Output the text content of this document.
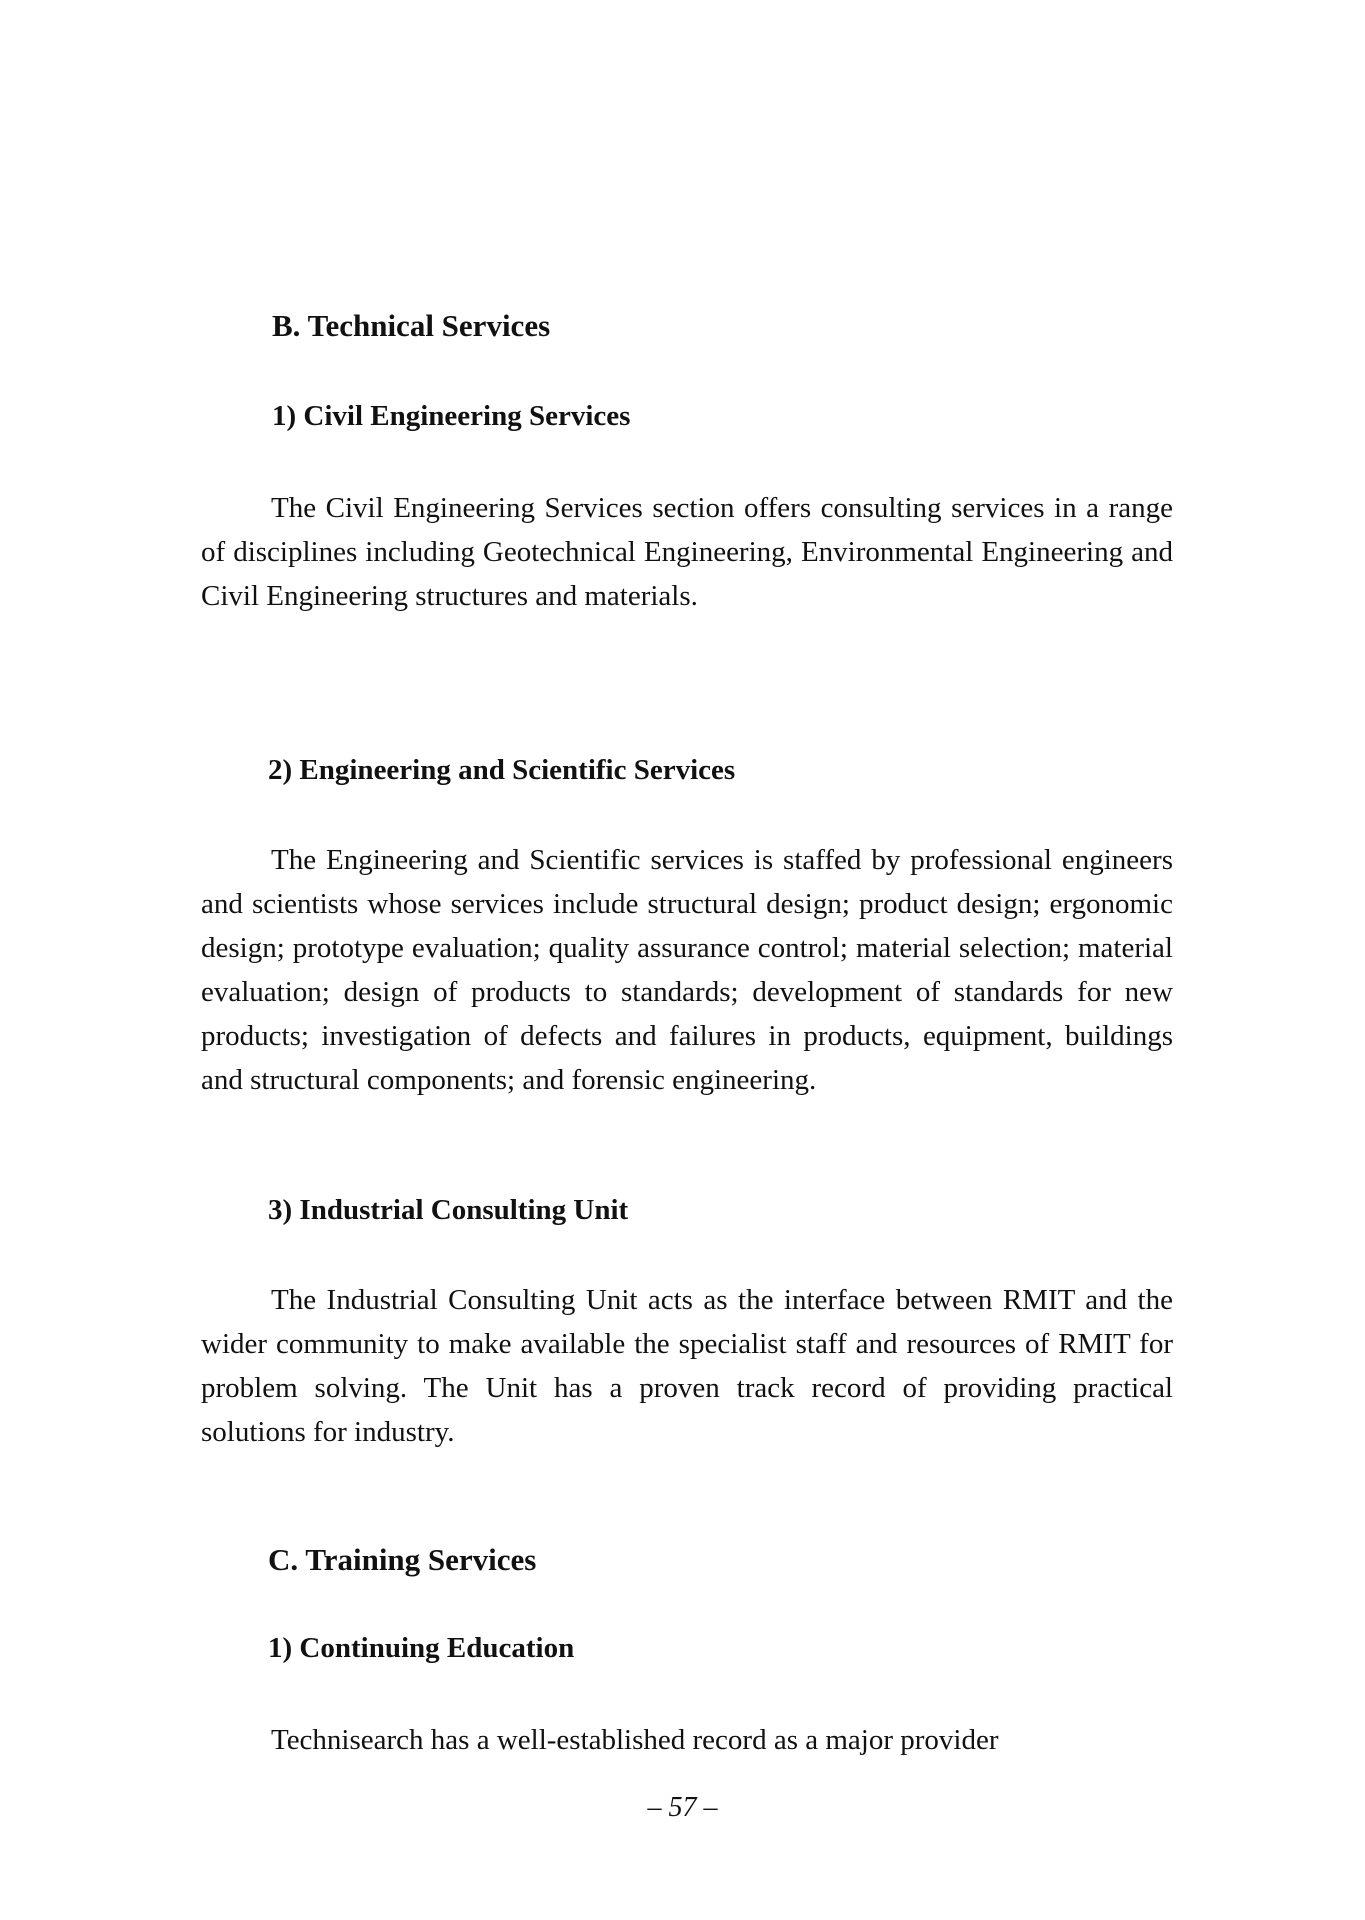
B. Technical Services
1) Civil Engineering Services

The Civil Engineering Services section offers consulting services in a range of disciplines including Geotechnical Engineering, Environmental Engineering and Civil Engineering structures and materials.

2) Engineering and Scientific Services

The Engineering and Scientific services is staffed by professional engineers and scientists whose services include structural design; product design; ergonomic design; prototype evaluation; quality assurance control; material selection; material evaluation; design of products to standards; development of standards for new products; investigation of defects and failures in products, equipment, buildings and structural components; and forensic engineering.

3) Industrial Consulting Unit

The Industrial Consulting Unit acts as the interface between RMIT and the wider community to make available the specialist staff and resources of RMIT for problem solving. The Unit has a proven track record of providing practical solutions for industry.

C. Training Services
1) Continuing Education

Technisearch has a well-established record as a major provider

– 57 –
